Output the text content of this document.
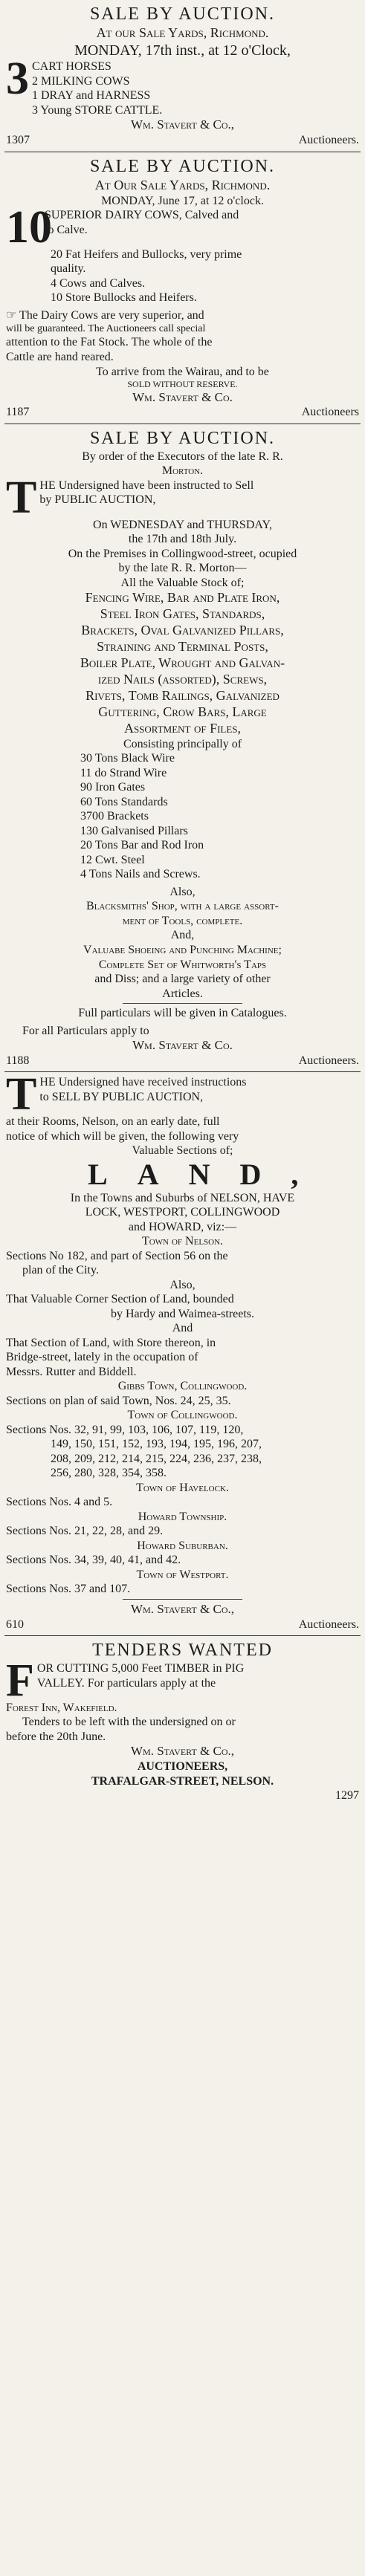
SALE BY AUCTION.

At our Sale Yards, Richmond.

MONDAY, 17th inst., at 12 o'Clock,

3 CART HORSES

2 MILKING COWS

1 DRAY and HARNESS

3 Young STORE CATTLE.

Wm. Stavert & Co.,
1307	Auctioneers.

SALE BY AUCTION.

At Our Sale Yards, Richmond.

MONDAY, June 17, at 12 o'clock.

10

SUPERIOR DAIRY COWS, Calved and

to Calve.

20 Fat Heifers and Bullocks, very prime

quality.

4 Cows and Calves.

10 Store Bullocks and Heifers.

☞ The Dairy Cows are very superior, and

will be guaranteed. The Auctioneers call special

attention to the Fat Stock. The whole of the

Cattle are hand reared.

To arrive from the Wairau, and to be

SOLD WITHOUT RESERVE.

Wm. Stavert & Co.
1187	Auctioneers

SALE BY AUCTION.

By order of the Executors of the late R. R.

Morton.

T HE Undersigned have been instructed to Sell

by PUBLIC AUCTION,

On WEDNESDAY and THURSDAY,

the 17th and 18th July.

On the Premises in Collingwood-street, ocupied

by the late R. R. Morton—

All the Valuable Stock of;

Fencing Wire, Bar and Plate Iron,

Steel Iron Gates, Standards,

Brackets, Oval Galvanized Pillars,

Straining and Terminal Posts,

Boiler Plate, Wrought and Galvan-

ized Nails (assorted), Screws,

Rivets, Tomb Railings, Galvanized

Guttering, Crow Bars, Large

Assortment of Files,

Consisting principally of

30 Tons Black Wire

11 do Strand Wire

90 Iron Gates

60 Tons Standards

3700 Brackets

130 Galvanised Pillars

20 Tons Bar and Rod Iron

12 Cwt. Steel

4 Tons Nails and Screws.

Also,

Blacksmiths' Shop, with a large assort-

ment of Tools, complete.

And,

Valuabe Shoeing and Punching Machine;

Complete Set of Whitworth's Taps

and Diss; and a large variety of other

Articles.

Full particulars will be given in Catalogues.

For all Particulars apply to

Wm. Stavert & Co.
1188	Auctioneers.
T HE Undersigned have received instructions

to SELL BY PUBLIC AUCTION,

at their Rooms, Nelson, on an early date, full

notice of which will be given, the following very

Valuable Sections of;

LAND,

In the Towns and Suburbs of NELSON, HAVE

LOCK, WESTPORT, COLLINGWOOD

and HOWARD, viz:—

Town of Nelson.

Sections No 182, and part of Section 56 on the

plan of the City.

Also,

That Valuable Corner Section of Land, bounded

by Hardy and Waimea-streets.

And

That Section of Land, with Store thereon, in

Bridge-street, lately in the occupation of

Messrs. Rutter and Biddell.

Gibbs Town, Collingwood.

Sections on plan of said Town, Nos. 24, 25, 35.

Town of Collingwood.

Sections Nos. 32, 91, 99, 103, 106, 107, 119, 120,

149, 150, 151, 152, 193, 194, 195, 196, 207,

208, 209, 212, 214, 215, 224, 236, 237, 238,

256, 280, 328, 354, 358.

Town of Havelock.

Sections Nos. 4 and 5.

Howard Township.

Sections Nos. 21, 22, 28, and 29.

Howard Suburban.

Sections Nos. 34, 39, 40, 41, and 42.

Town of Westport.

Sections Nos. 37 and 107.

Wm. Stavert & Co.,
610	Auctioneers.

TENDERS WANTED

F OR CUTTING 5,000 Feet TIMBER in PIG

VALLEY. For particulars apply at the

Forest Inn, Wakefield.

Tenders to be left with the undersigned on or

before the 20th June.

Wm. Stavert & Co.,

AUCTIONEERS,

TRAFALGAR-STREET, NELSON.

1297
